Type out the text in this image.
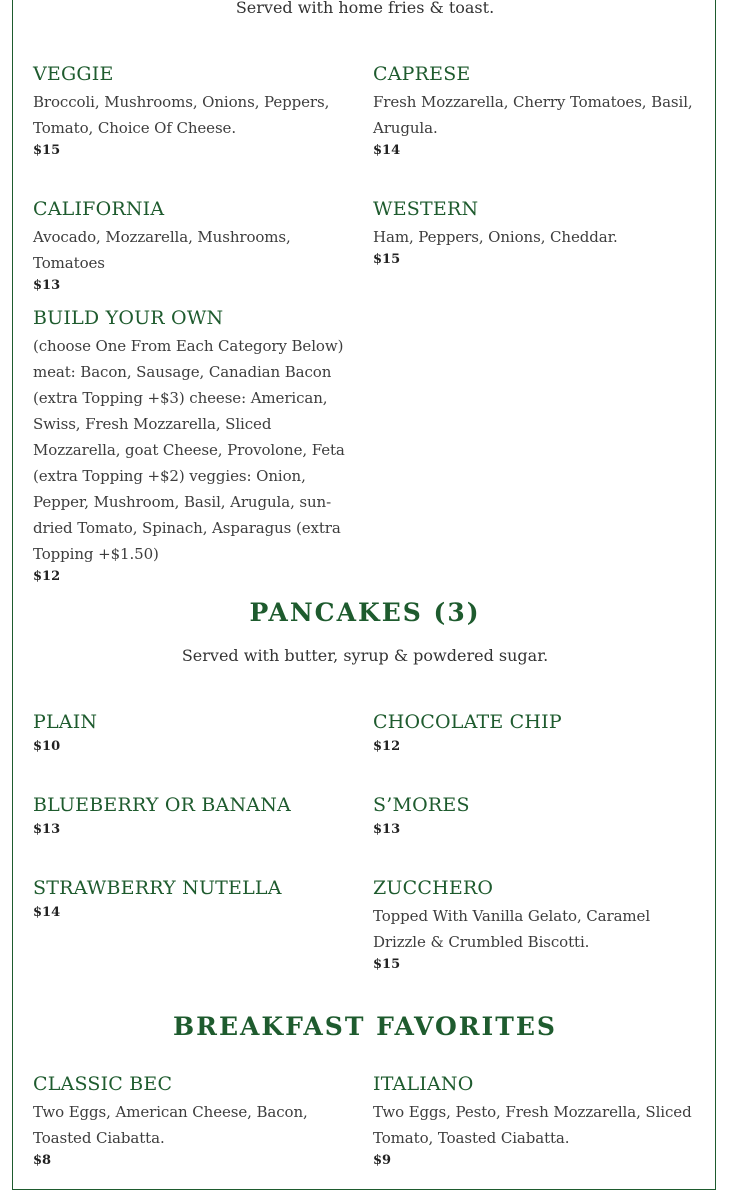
Served with home fries & toast.
VEGGIE
Broccoli, Mushrooms, Onions, Peppers, Tomato, Choice Of Cheese.
$15
CAPRESE
Fresh Mozzarella, Cherry Tomatoes, Basil, Arugula.
$14
CALIFORNIA
Avocado, Mozzarella, Mushrooms, Tomatoes
$13
WESTERN
Ham, Peppers, Onions, Cheddar.
$15
BUILD YOUR OWN
(choose One From Each Category Below) meat: Bacon, Sausage, Canadian Bacon (extra Topping +$3) cheese: American, Swiss, Fresh Mozzarella, Sliced Mozzarella, goat Cheese, Provolone, Feta (extra Topping +$2) veggies: Onion, Pepper, Mushroom, Basil, Arugula, sun-dried Tomato, Spinach, Asparagus (extra Topping +$1.50)
$12
PANCAKES (3)
Served with butter, syrup & powdered sugar.
PLAIN
$10
CHOCOLATE CHIP
$12
BLUEBERRY OR BANANA
$13
S’MORES
$13
STRAWBERRY NUTELLA
$14
ZUCCHERO
Topped With Vanilla Gelato, Caramel Drizzle & Crumbled Biscotti.
$15
BREAKFAST FAVORITES
CLASSIC BEC
Two Eggs, American Cheese, Bacon, Toasted Ciabatta.
$8
ITALIANO
Two Eggs, Pesto, Fresh Mozzarella, Sliced Tomato, Toasted Ciabatta.
$9
